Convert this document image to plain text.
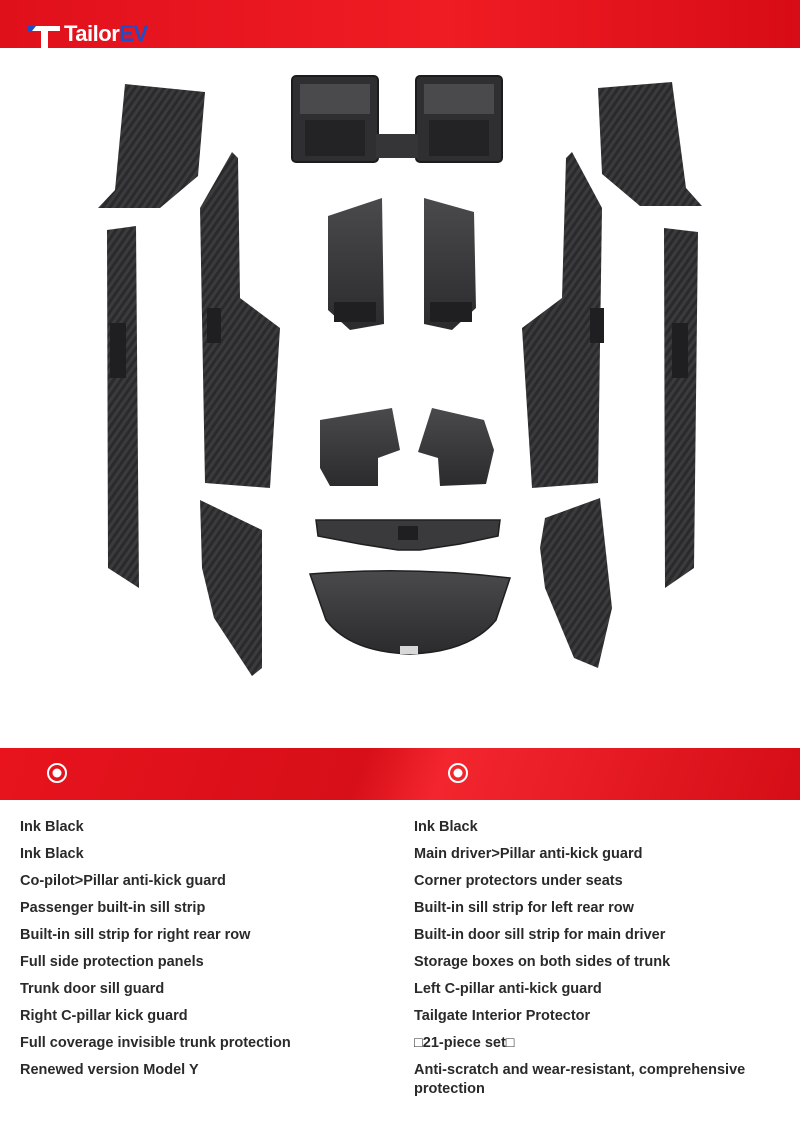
TailorEV
Ink Black
Ink Black
Co-pilot>Pillar anti-kick guard
Passenger built-in sill strip
Built-in sill strip for right rear row
Full side protection panels
Trunk door sill guard
Right C-pillar kick guard
Full coverage invisible trunk protection
Renewed version Model Y
Ink Black
Main driver>Pillar anti-kick guard
Corner protectors under seats
Built-in sill strip for left rear row
Built-in door sill strip for main driver
Storage boxes on both sides of trunk
Left C-pillar anti-kick guard
Tailgate Interior Protector
□21-piece set□
Anti-scratch and wear-resistant, comprehensive protection
